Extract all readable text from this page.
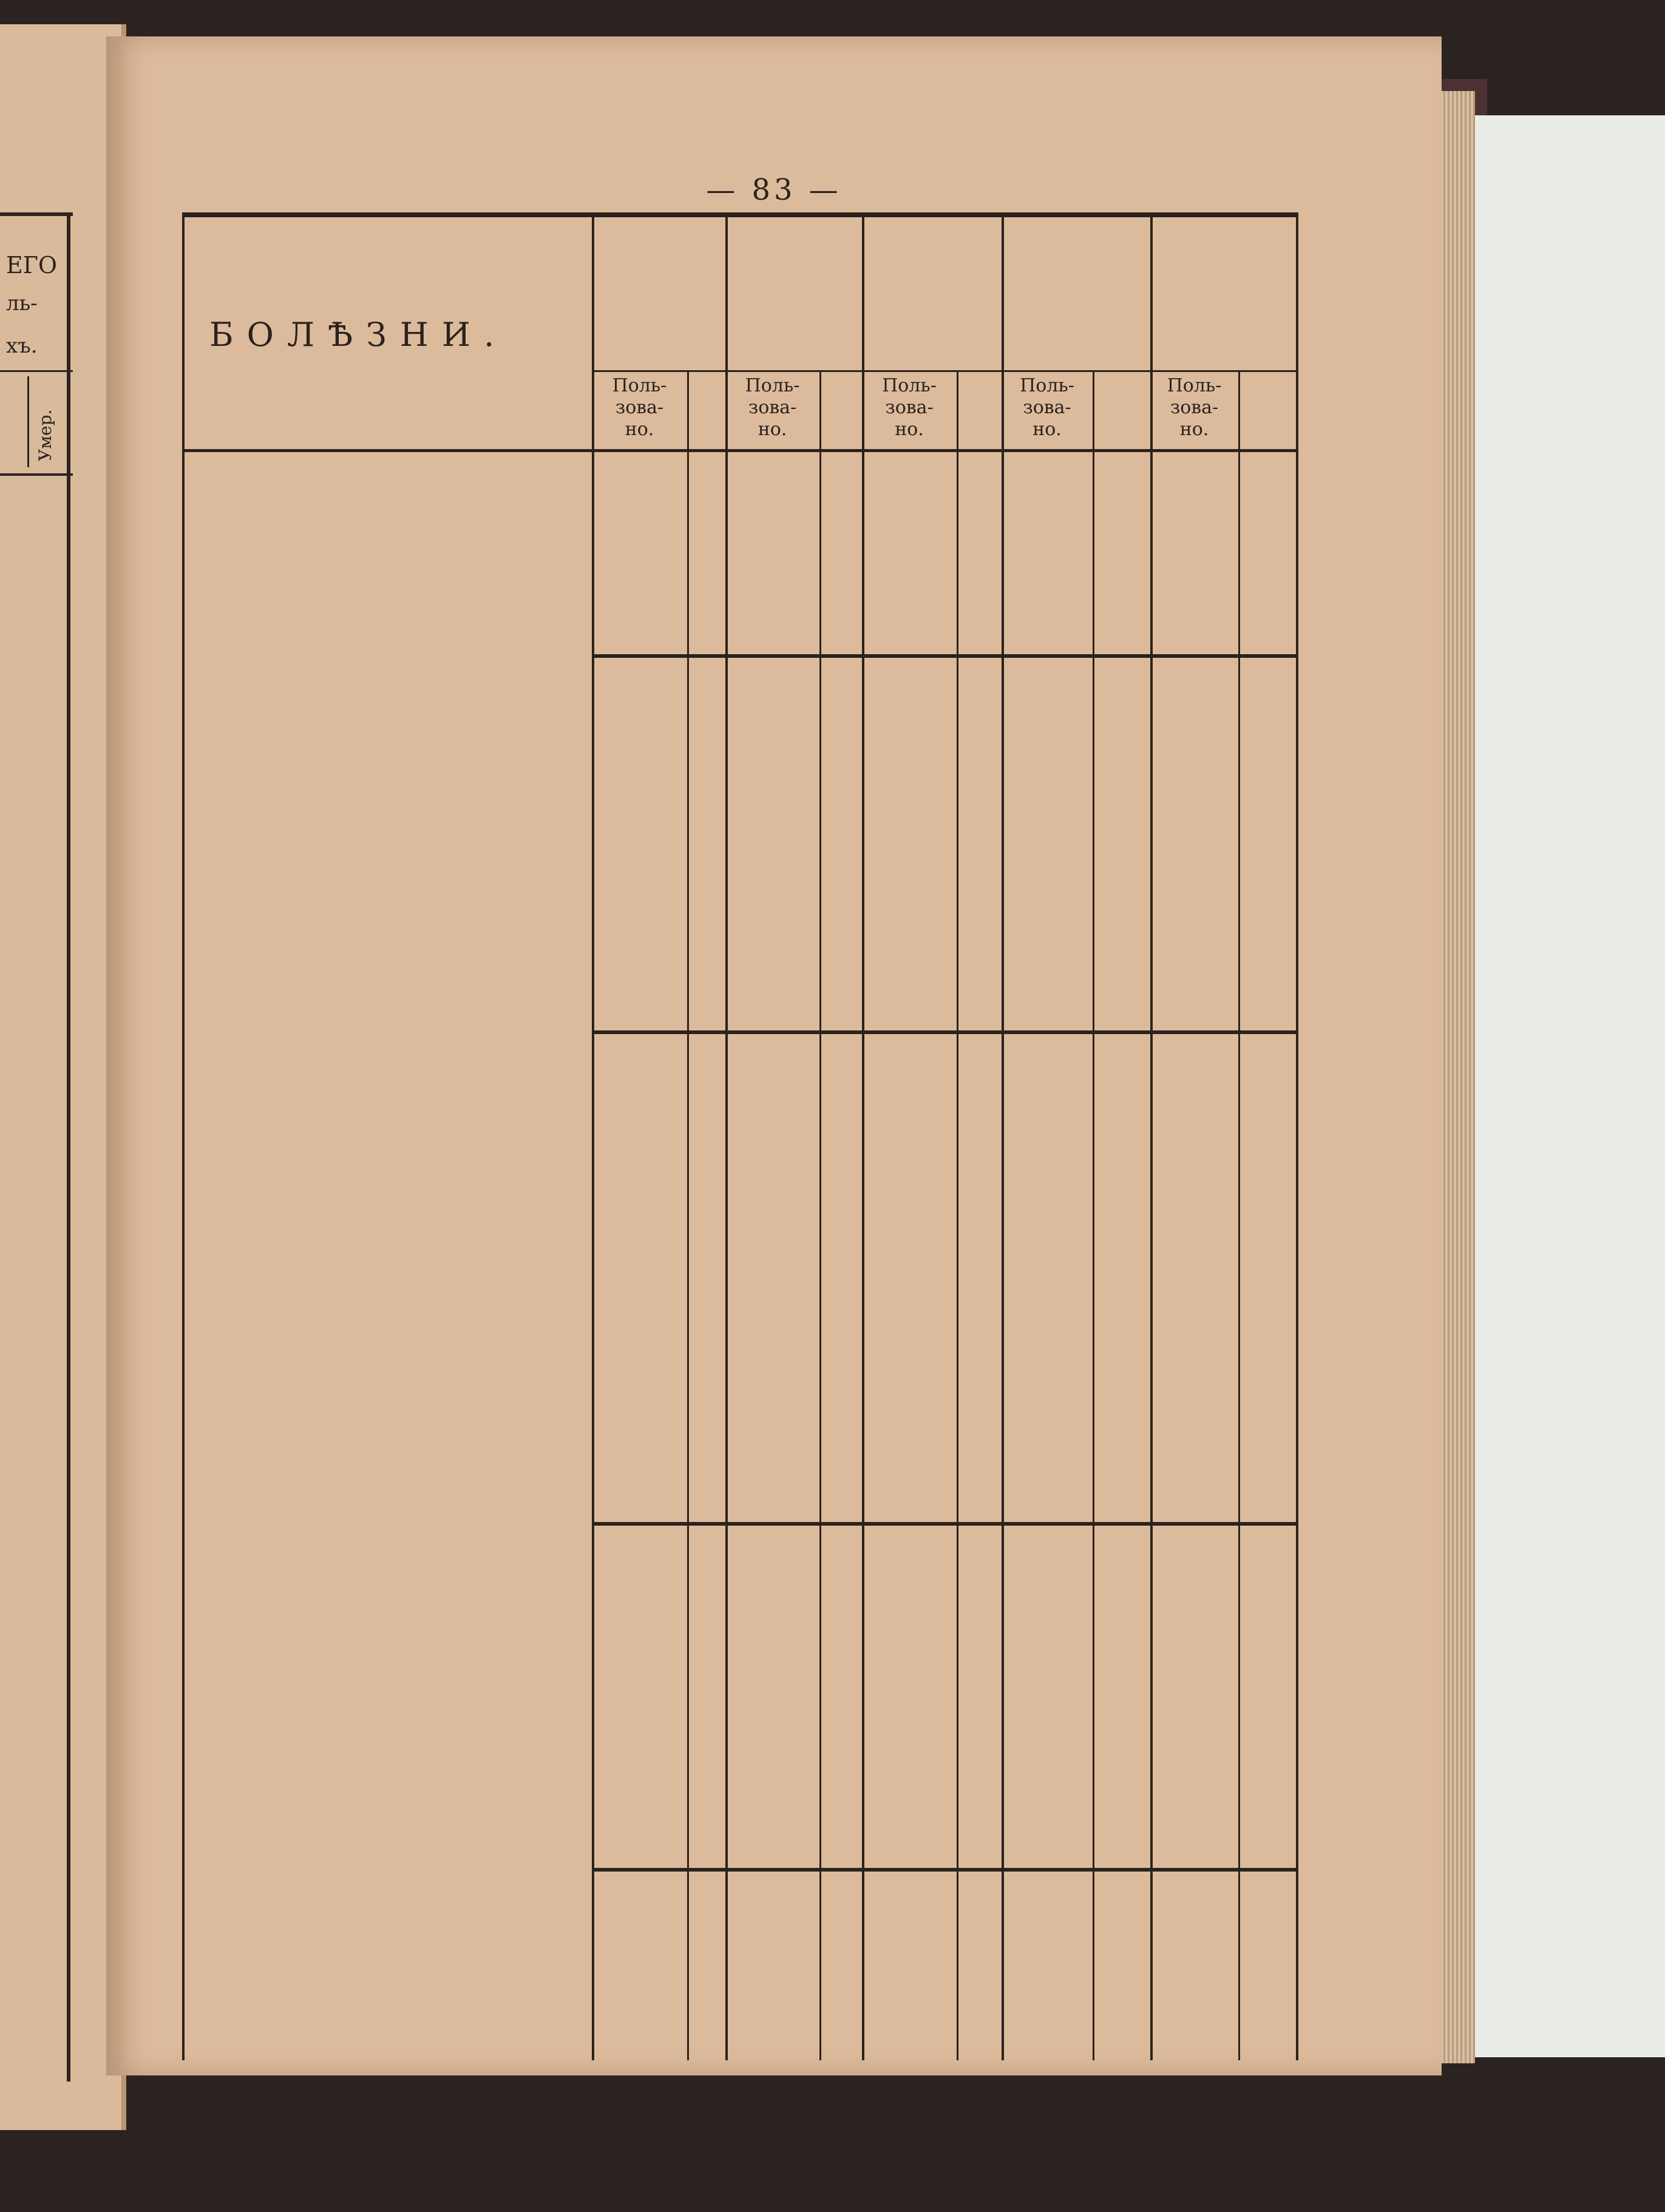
ЕГО
ль-
хъ.
Умер.
— 83 —
БОЛѢЗНИ.
Поль-
зова-
но.
Поль-
зова-
но.
Поль-
зова-
но.
Поль-
зова-
но.
Поль-
зова-
но.
